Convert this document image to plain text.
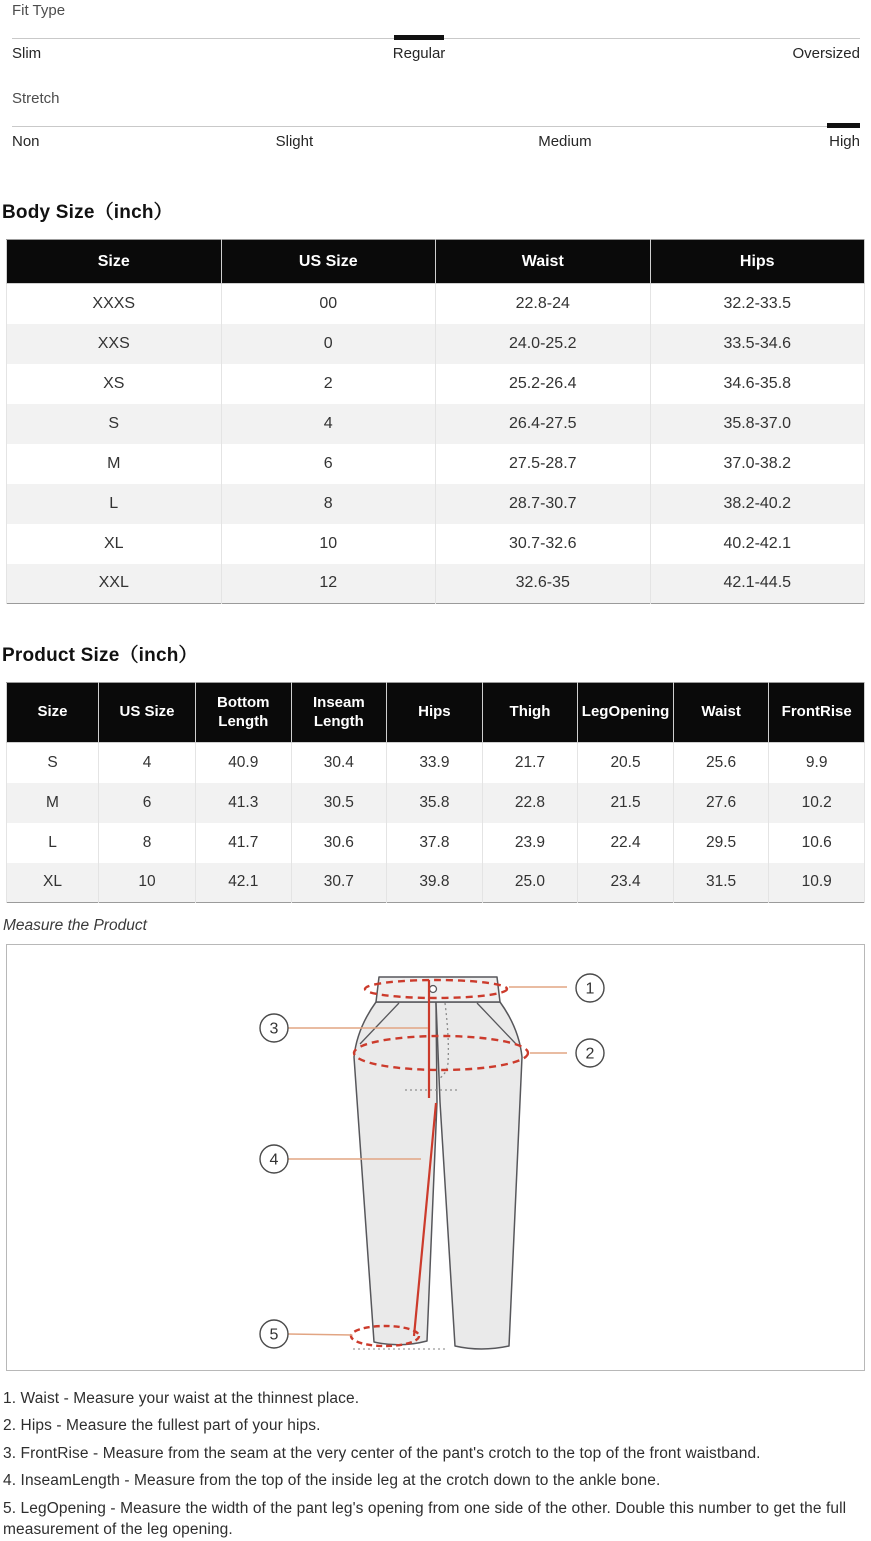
Fit Type
Slim	Regular	Oversized
Stretch
Non	Slight	Medium	High
Body Size（inch）
Size	US Size	Waist	Hips
XXXS	00	22.8-24	32.2-33.5
XXS	0	24.0-25.2	33.5-34.6
XS	2	25.2-26.4	34.6-35.8
S	4	26.4-27.5	35.8-37.0
M	6	27.5-28.7	37.0-38.2
L	8	28.7-30.7	38.2-40.2
XL	10	30.7-32.6	40.2-42.1
XXL	12	32.6-35	42.1-44.5
Product Size（inch）
Size	US Size	Bottom Length	Inseam Length	Hips	Thigh	LegOpening	Waist	FrontRise
S	4	40.9	30.4	33.9	21.7	20.5	25.6	9.9
M	6	41.3	30.5	35.8	22.8	21.5	27.6	10.2
L	8	41.7	30.6	37.8	23.9	22.4	29.5	10.6
XL	10	42.1	30.7	39.8	25.0	23.4	31.5	10.9
Measure the Product
1
2
3
4
5
1. Waist - Measure your waist at the thinnest place.
2. Hips - Measure the fullest part of your hips.
3. FrontRise - Measure from the seam at the very center of the pant's crotch to the top of the front waistband.
4. InseamLength - Measure from the top of the inside leg at the crotch down to the ankle bone.
5. LegOpening - Measure the width of the pant leg's opening from one side of the other. Double this number to get the full measurement of the leg opening.
